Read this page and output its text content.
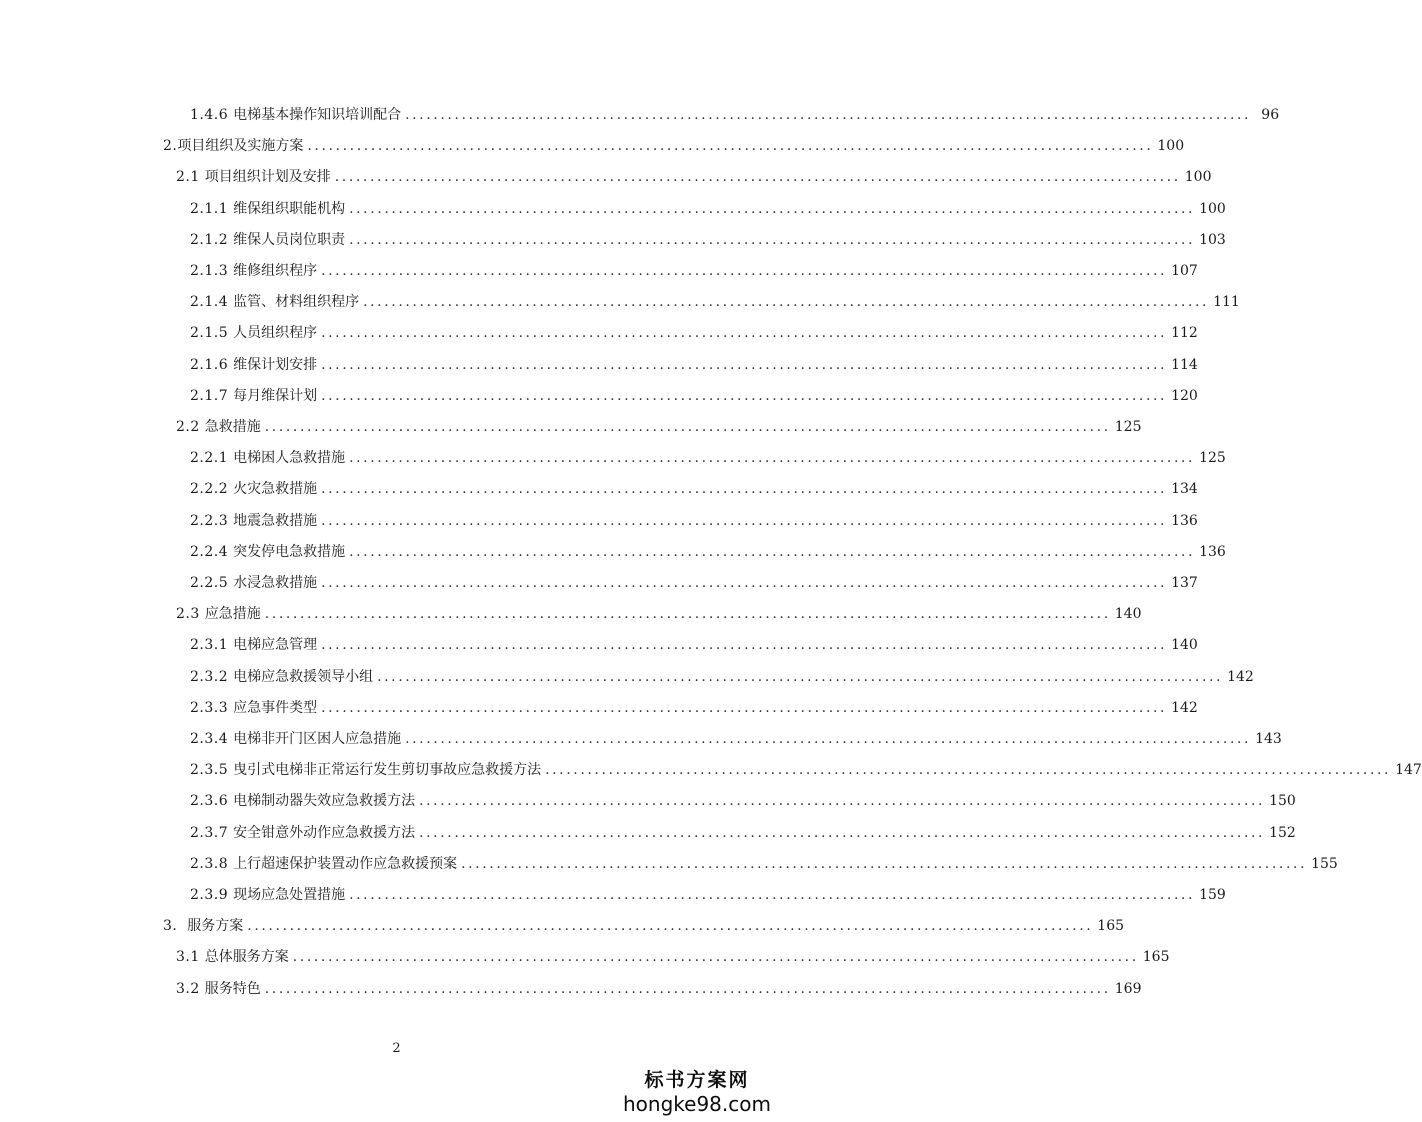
1.4.6 电梯基本操作知识培训配合 ........................................................................................................................ 96
2. 项目组织及实施方案 ........................................................................................................................ 100
2.1 项目组织计划及安排 ........................................................................................................................ 100
2.1.1 维保组织职能机构 ........................................................................................................................ 100
2.1.2 维保人员岗位职责 ........................................................................................................................ 103
2.1.3 维修组织程序 ........................................................................................................................ 107
2.1.4 监管、材料组织程序 ........................................................................................................................ 111
2.1.5 人员组织程序 ........................................................................................................................ 112
2.1.6 维保计划安排 ........................................................................................................................ 114
2.1.7 每月维保计划 ........................................................................................................................ 120
2.2 急救措施 ........................................................................................................................ 125
2.2.1 电梯困人急救措施 ........................................................................................................................ 125
2.2.2 火灾急救措施 ........................................................................................................................ 134
2.2.3 地震急救措施 ........................................................................................................................ 136
2.2.4 突发停电急救措施 ........................................................................................................................ 136
2.2.5 水浸急救措施 ........................................................................................................................ 137
2.3 应急措施 ........................................................................................................................ 140
2.3.1 电梯应急管理 ........................................................................................................................ 140
2.3.2 电梯应急救援领导小组 ........................................................................................................................ 142
2.3.3 应急事件类型 ........................................................................................................................ 142
2.3.4 电梯非开门区困人应急措施 ........................................................................................................................ 143
2.3.5 曳引式电梯非正常运行发生剪切事故应急救援方法 ........................................................................................................................ 147
2.3.6 电梯制动器失效应急救援方法 ........................................................................................................................ 150
2.3.7 安全钳意外动作应急救援方法 ........................................................................................................................ 152
2.3.8 上行超速保护装置动作应急救援预案 ........................................................................................................................ 155
2.3.9 现场应急处置措施 ........................................................................................................................ 159
3. 服务方案 ........................................................................................................................ 165
3.1 总体服务方案 ........................................................................................................................ 165
3.2 服务特色 ........................................................................................................................ 169
2
标书方案网
hongke98.com
